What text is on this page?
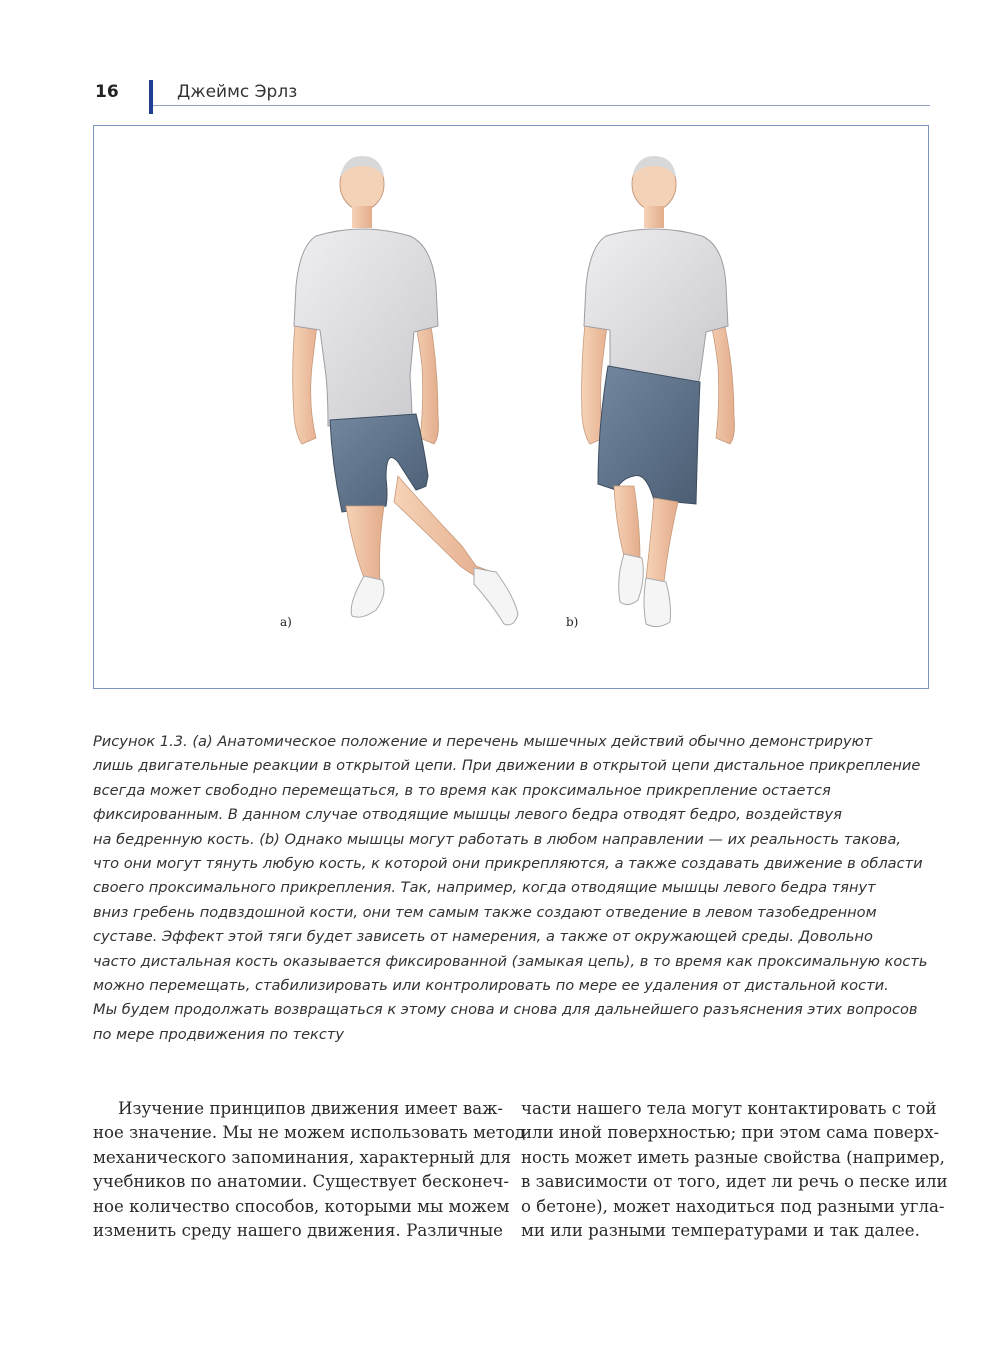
16	Джеймс Эрлз
a)	b)
Рисунок 1.3. (a) Анатомическое положение и перечень мышечных действий обычно демонстрируют
лишь двигательные реакции в открытой цепи. При движении в открытой цепи дистальное прикрепление
всегда может свободно перемещаться, в то время как проксимальное прикрепление остается
фиксированным. В данном случае отводящие мышцы левого бедра отводят бедро, воздействуя
на бедренную кость. (b) Однако мышцы могут работать в любом направлении — их реальность такова,
что они могут тянуть любую кость, к которой они прикрепляются, а также создавать движение в области
своего проксимального прикрепления. Так, например, когда отводящие мышцы левого бедра тянут
вниз гребень подвздошной кости, они тем самым также создают отведение в левом тазобедренном
суставе. Эффект этой тяги будет зависеть от намерения, а также от окружающей среды. Довольно
часто дистальная кость оказывается фиксированной (замыкая цепь), в то время как проксимальную кость
можно перемещать, стабилизировать или контролировать по мере ее удаления от дистальной кости.
Мы будем продолжать возвращаться к этому снова и снова для дальнейшего разъяснения этих вопросов
по мере продвижения по тексту
Изучение принципов движения имеет важ-
ное значение. Мы не можем использовать метод
механического запоминания, характерный для
учебников по анатомии. Существует бесконеч-
ное количество способов, которыми мы можем
изменить среду нашего движения. Различные
части нашего тела могут контактировать с той
или иной поверхностью; при этом сама поверх-
ность может иметь разные свойства (например,
в зависимости от того, идет ли речь о песке или
о бетоне), может находиться под разными угла-
ми или разными температурами и так далее.
